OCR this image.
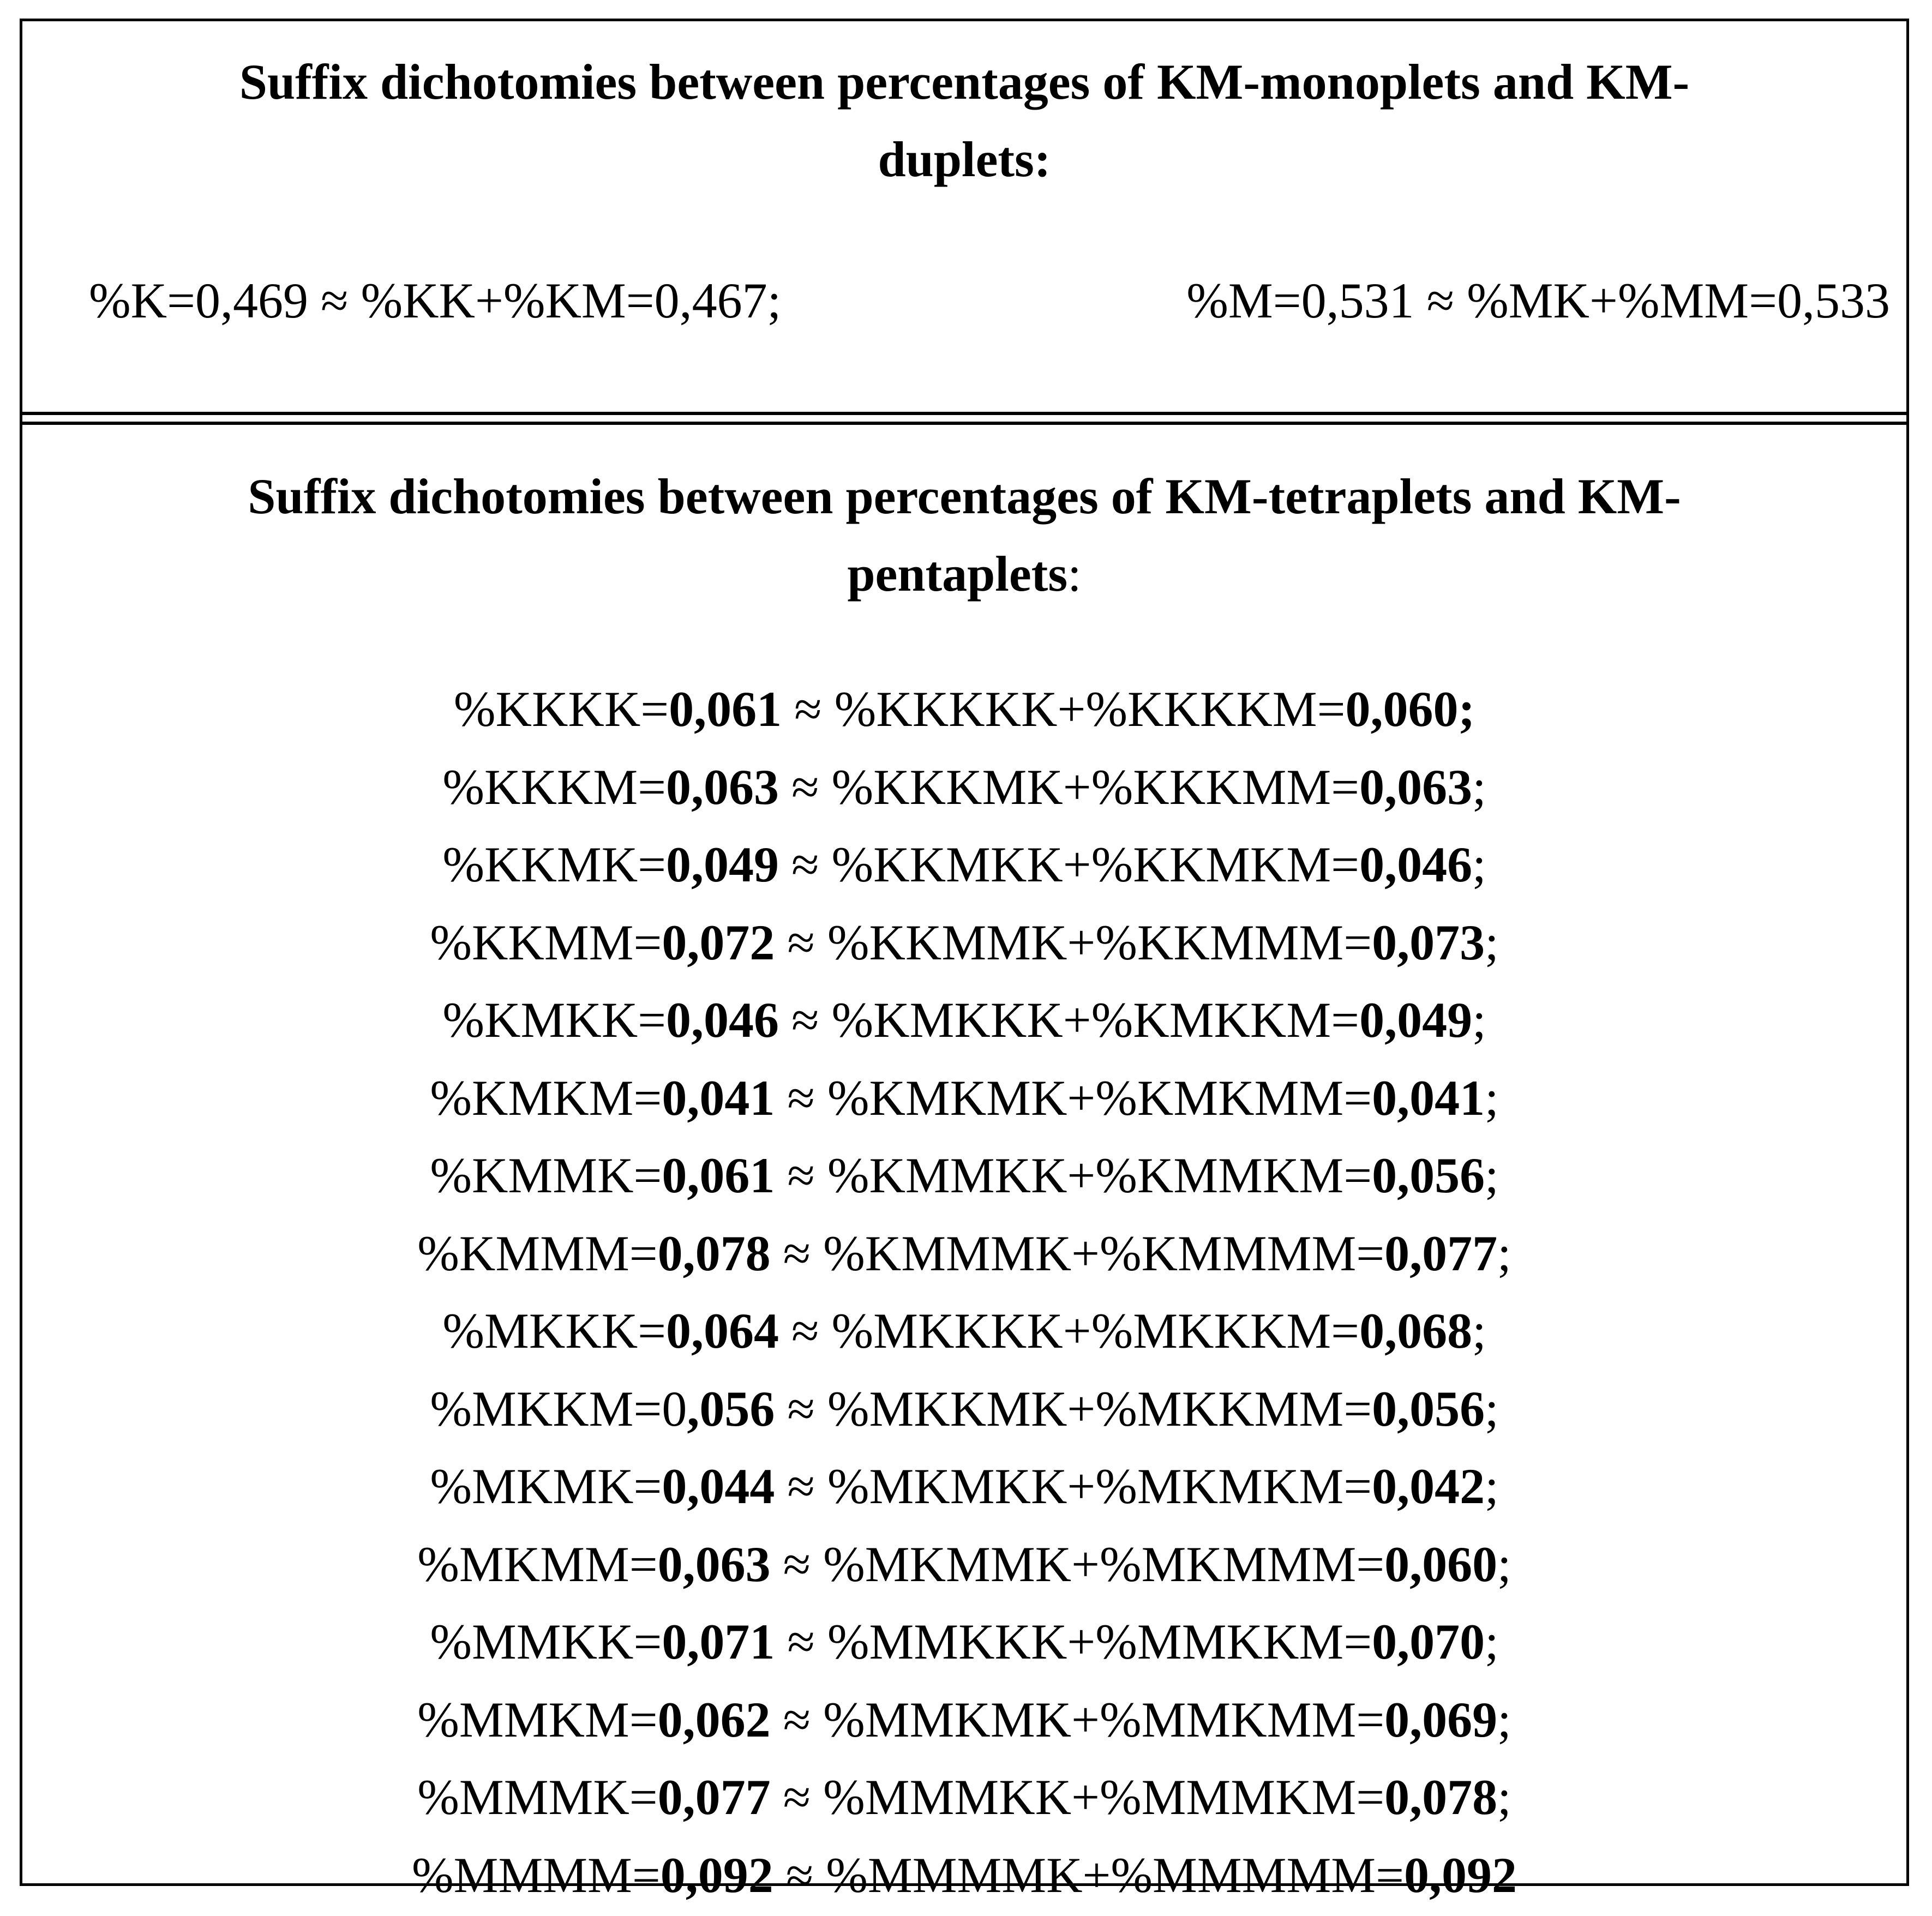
Suffix dichotomies between percentages of KM-monoplets and KM-
duplets:
%K=0,469 ≈ %KK+%KM=0,467;	%M=0,531 ≈ %MK+%MM=0,533
Suffix dichotomies between percentages of KM-tetraplets and KM-
pentaplets:
%KKKK=0,061 ≈ %KKKKK+%KKKKM=0,060;
%KKKM=0,063 ≈ %KKKMK+%KKKMM=0,063;
%KKMK=0,049 ≈ %KKMKK+%KKMKM=0,046;
%KKMM=0,072 ≈ %KKMMK+%KKMMM=0,073;
%KMKK=0,046 ≈ %KMKKK+%KMKKM=0,049;
%KMKM=0,041 ≈ %KMKMK+%KMKMM=0,041;
%KMMK=0,061 ≈ %KMMKK+%KMMKM=0,056;
%KMMM=0,078 ≈ %KMMMK+%KMMMM=0,077;
%MKKK=0,064 ≈ %MKKKK+%MKKKM=0,068;
%MKKM=0,056 ≈ %MKKMK+%MKKMM=0,056;
%MKMK=0,044 ≈ %MKMKK+%MKMKM=0,042;
%MKMM=0,063 ≈ %MKMMK+%MKMMM=0,060;
%MMKK=0,071 ≈ %MMKKK+%MMKKM=0,070;
%MMKM=0,062 ≈ %MMKMK+%MMKMM=0,069;
%MMMK=0,077 ≈ %MMMKK+%MMMKM=0,078;
%MMMM=0,092 ≈ %MMMMK+%MMMMM=0,092
